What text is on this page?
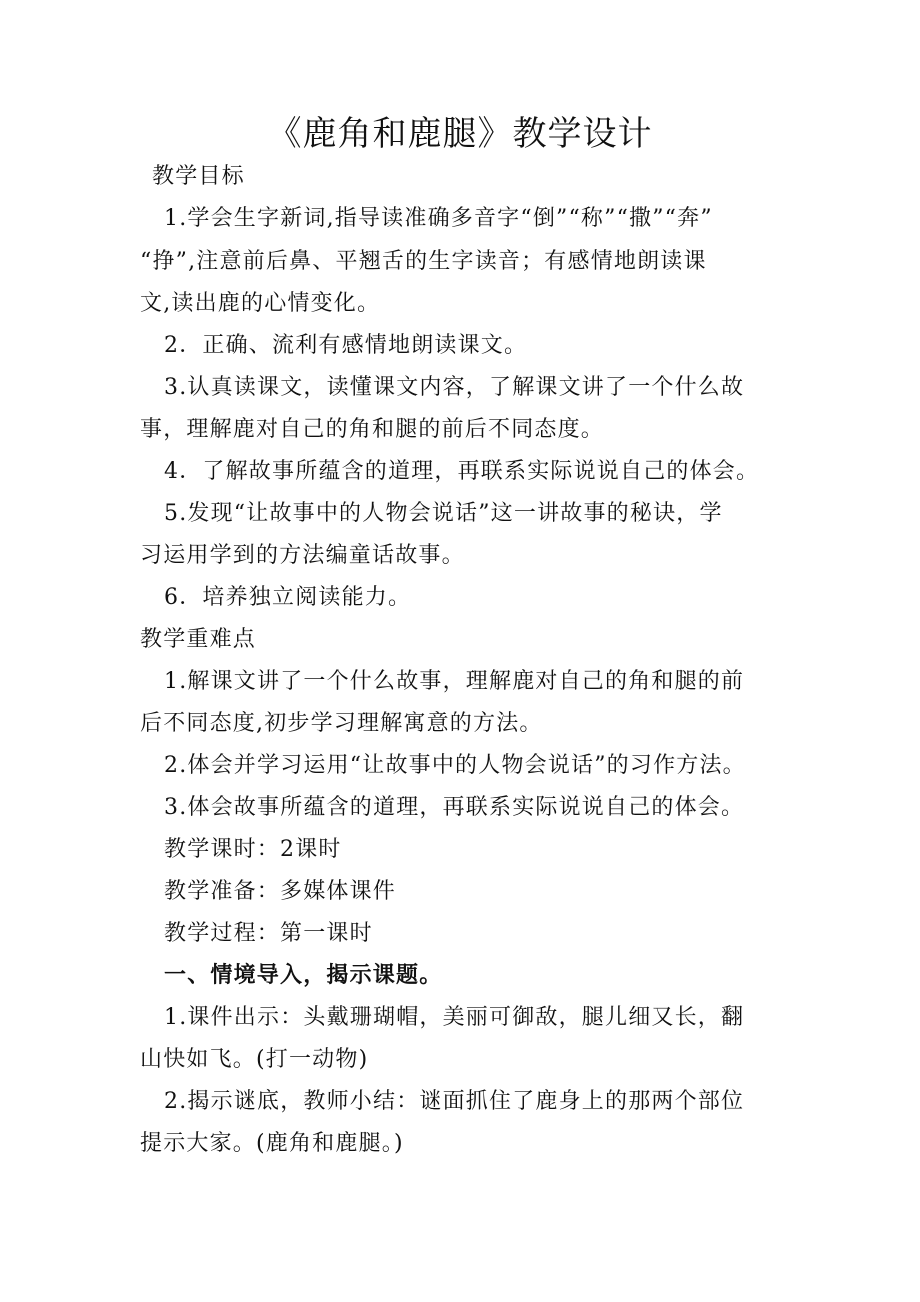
《鹿角和鹿腿》教学设计
教学目标
1.学会生字新词,指导读准确多音字“倒”“称”“撒”“奔”
“挣”,注意前后鼻、平翘舌的生字读音；有感情地朗读课
文,读出鹿的心情变化。
2．正确、流利有感情地朗读课文。
3.认真读课文，读懂课文内容，了解课文讲了一个什么故
事，理解鹿对自己的角和腿的前后不同态度。
4．了解故事所蕴含的道理，再联系实际说说自己的体会。
5.发现“让故事中的人物会说话”这一讲故事的秘诀，学
习运用学到的方法编童话故事。
6．培养独立阅读能力。
教学重难点
1.解课文讲了一个什么故事，理解鹿对自己的角和腿的前
后不同态度,初步学习理解寓意的方法。
2.体会并学习运用“让故事中的人物会说话”的习作方法。
3.体会故事所蕴含的道理，再联系实际说说自己的体会。
教学课时：2课时
教学准备：多媒体课件
教学过程：第一课时
一、情境导入，揭示课题。
1.课件出示：头戴珊瑚帽，美丽可御敌，腿儿细又长，翻
山快如飞。(打一动物)
2.揭示谜底，教师小结：谜面抓住了鹿身上的那两个部位
提示大家。(鹿角和鹿腿。)
